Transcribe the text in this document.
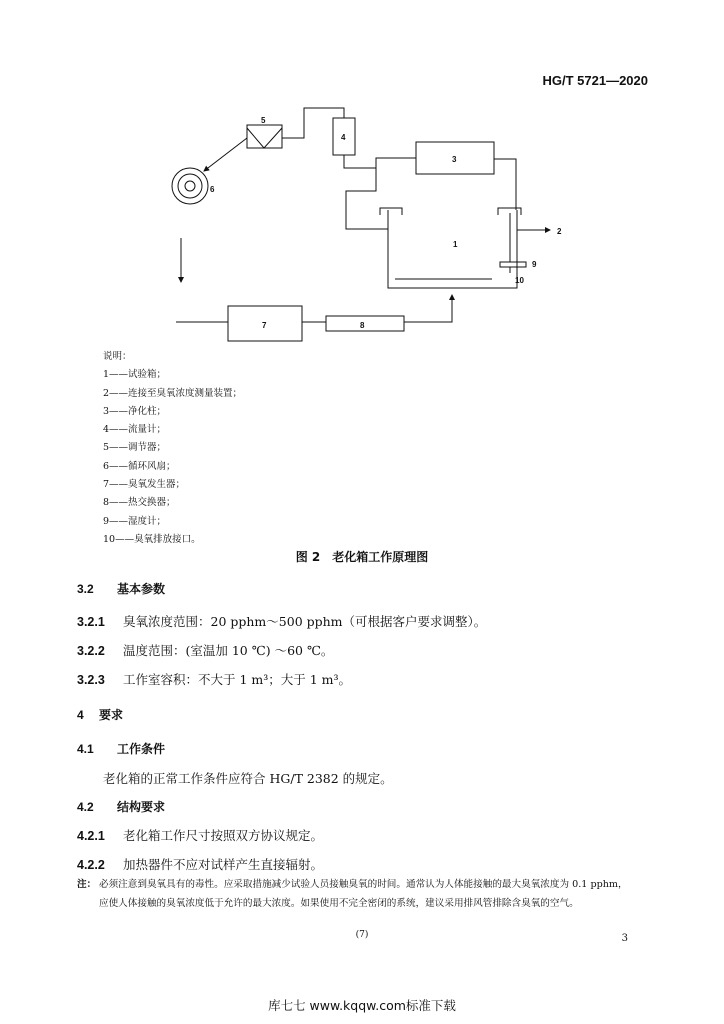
HG/T 5721—2020
1
2
3
4
5
6
7	8
9
10
说明：
1——试验箱；
2——连接至臭氧浓度测量装置；
3——净化柱；
4——流量计；
5——调节器；
6——循环风扇；
7——臭氧发生器；
8——热交换器；
9——湿度计；
10——臭氧排放接口。
图 2　老化箱工作原理图
3.2 基本参数
3.2.1 臭氧浓度范围：20 pphm～500 pphm（可根据客户要求调整）。
3.2.2 温度范围：(室温加 10 ℃) ～60 ℃。
3.2.3 工作室容积：不大于 1 m³；大于 1 m³。
4 要求
4.1 工作条件
老化箱的正常工作条件应符合 HG/T 2382 的规定。
4.2 结构要求
4.2.1 老化箱工作尺寸按照双方协议规定。
4.2.2 加热器件不应对试样产生直接辐射。
注： 必须注意到臭氧具有的毒性。应采取措施减少试验人员接触臭氧的时间。通常认为人体能接触的最大臭氧浓度为 0.1 pphm，应使人体接触的臭氧浓度低于允许的最大浓度。如果使用不完全密闭的系统，建议采用排风管排除含臭氧的空气。
(7)	3
库七七 www.kqqw.com标准下载
